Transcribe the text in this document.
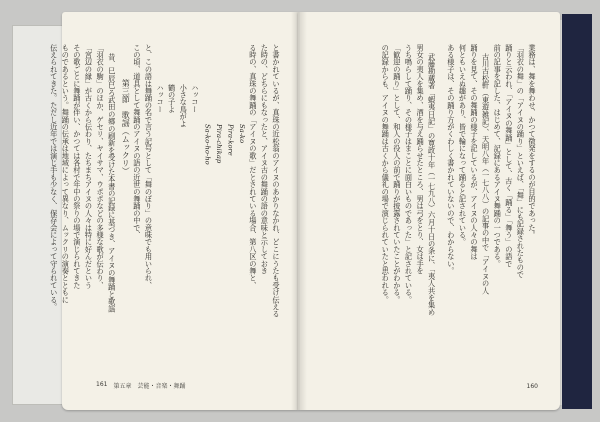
と書かれているが、真珠の近松翁のアイヌのあかりなかれ、どこにうたも受け伝える
た時の、どちらにもなったと、アイヌ古の舞踊の語の意味と示しておき
る時の、真珠の舞踊の「アイヌの歌」だとされている場合、第八区の舞と、
Sa-ko
Pira-kore
Pira-chikap
Sa-ko-ho-ho
ハッコー
小さな鳥がよ
鶴の子よ
ハッコー
と、この語は舞踊の名で言う記号として「舞のぼり」の意味でも用いられ、
この頃、道具として舞踊のアイヌの語の近世の舞踊の中で、
第三節　歌謡（ムックリ）
昔、巳辰巳ろ武田の郷の刷新を受けた本書の記録に基づき、アイヌの舞踊と歌謡
「羽衣の駒」のほか、ゲセリ、ヤイサマ、ウポポなどの多様な歌が伝わり、
「宮辺の縁」が古くから伝わり、たちまちアイヌの人々は特に好んだという
その歌ごとに舞踊が伴い、かつては各村で年中の祭りの場で演じられてきた
ものであるという。舞踊の伝承は地域によって異なり、ムックリの演奏とともに
伝えられてきた。ただし近年では演じ手も少なく、保存会によって守られている。
161 第五章 芸能・音楽・舞踊
業務は、舞を舞わせ、かつて徴発をするのが目的であった。
「羽衣の舞」の「アイヌの踊り」といえば、「舞」にも記録されたもので
踊りと云われ、「アイヌの舞踊」として、古く「踊る」「舞う」の語で
前の記事を記した、はじめて、記録にあるアイヌ舞踊の一つである。
古川古松軒（東遊雑記）、天明八年（一七八八）の記事の中で「アイヌの人
踊りを見て、その舞踊の様子を記しているが、アイヌの人々の舞は
何ともいえぬ趣があり、皆で輪になって踊ると記されている。
ある様子は、その踊り方がくわしく書かれていないので、わからない。
武藤勘蔵著「蝦夷日記」の寛政十年（一七九八）六月十日の条に、「夷人共を集め
男女の夷人を集め、酒を与え踊らせたところ、男は弓をとり、女は手を
うち鳴らして踊り、その様子はまことに面白いものであった」と記されている。
「歓迎の踊り」として、和人の役人の前で踊りが披露されていたことがわかる。
の記録からも、アイヌの舞踊は古くから儀礼の場で演じられていたと思われる。
160
